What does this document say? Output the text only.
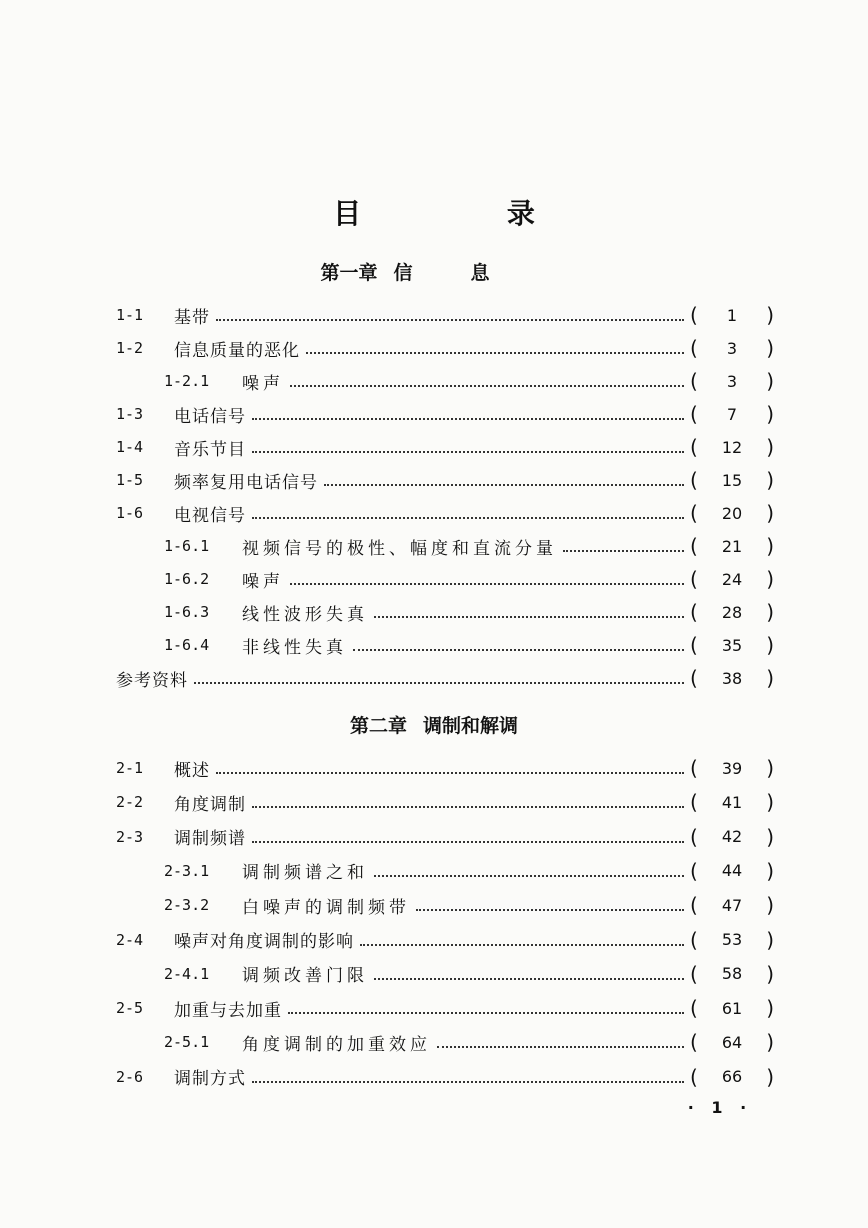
目 录
第一章 信息
第二章 调制和解调
1-1	基带	(	1	)
1-2	信息质量的恶化	(	3	)
1-2.1	噪声	(	3	)
1-3	电话信号	(	7	)
1-4	音乐节目	(	12	)
1-5	频率复用电话信号	(	15	)
1-6	电视信号	(	20	)
1-6.1	视频信号的极性、幅度和直流分量	(	21	)
1-6.2	噪声	(	24	)
1-6.3	线性波形失真	(	28	)
1-6.4	非线性失真	(	35	)
参考资料	(	38	)
2-1	概述	(	39	)
2-2	角度调制	(	41	)
2-3	调制频谱	(	42	)
2-3.1	调制频谱之和	(	44	)
2-3.2	白噪声的调制频带	(	47	)
2-4	噪声对角度调制的影响	(	53	)
2-4.1	调频改善门限	(	58	)
2-5	加重与去加重	(	61	)
2-5.1	角度调制的加重效应	(	64	)
2-6	调制方式	(	66	)
· 1 ·
